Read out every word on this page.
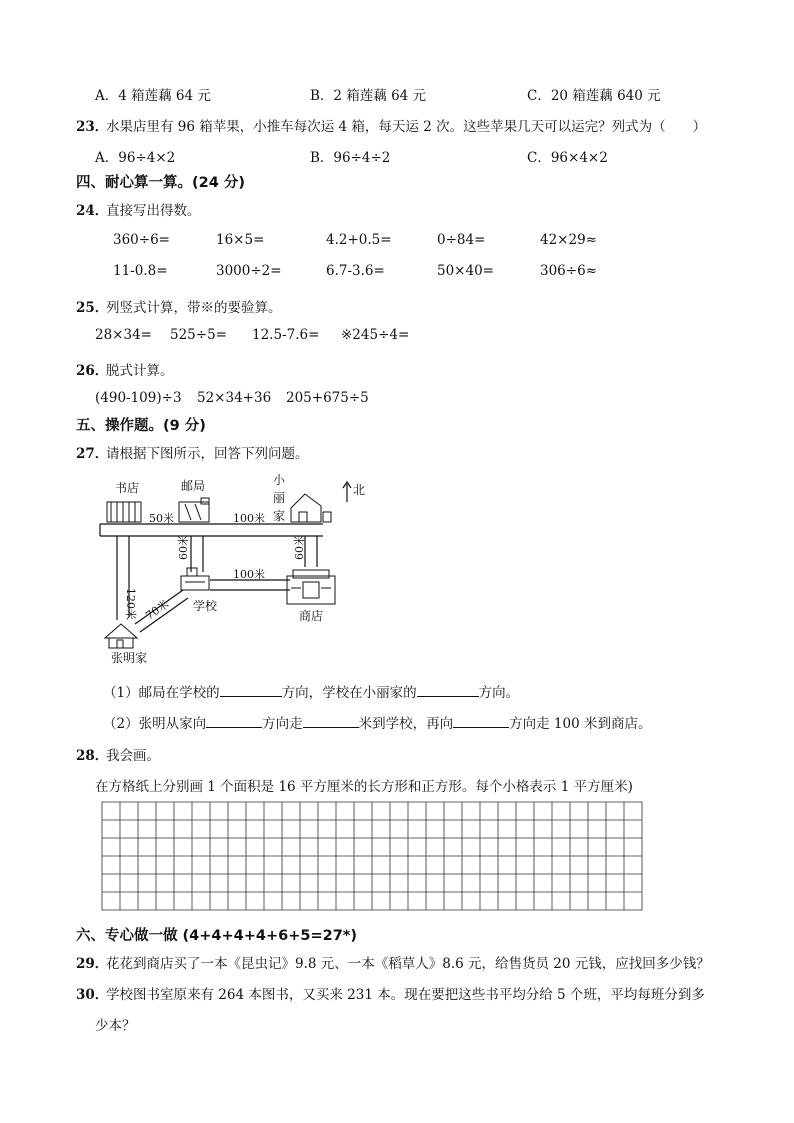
A．4 箱莲藕 64 元	B．2 箱莲藕 64 元	C．20 箱莲藕 640 元
23．
水果店里有 96 箱苹果，小推车每次运 4 箱，每天运 2 次。这些苹果几天可以运完？列式为（　　）
A．96÷4×2	B．96÷4÷2	C．96×4×2
四、耐心算一算。(24 分)
24．
直接写出得数。
360÷6=	16×5=	4.2+0.5=	0÷84=	42×29≈
11-0.8=	3000÷2=	6.7-3.6=	50×40=	306÷6≈
25．
列竖式计算，带※的要验算。
28×34= 525÷5= 12.5-7.6= ※245÷4=
26．
脱式计算。
(490-109)÷3 52×34+36 205+675÷5
五、操作题。(9 分)
27．
请根据下图所示，回答下列问题。
书店	邮局	小
丽
家
北
50米	100米
60米	60米
120米
100米
70米 学校
商店
张明家
（1）邮局在学校的	方向，学校在小丽家的	方向。
（2）张明从家向	方向走	米到学校，再向	方向走 100 米到商店。
28．
我会画。
在方格纸上分别画 1 个面积是 16 平方厘米的长方形和正方形。每个小格表示 1 平方厘米)
六、专心做一做 (4+4+4+4+6+5=27*)
29．
花花到商店买了一本《昆虫记》9.8 元、一本《稻草人》8.6 元，给售货员 20 元钱，应找回多少钱？
30．
学校图书室原来有 264 本图书，又买来 231 本。现在要把这些书平均分给 5 个班，平均每班分到多
少本？
